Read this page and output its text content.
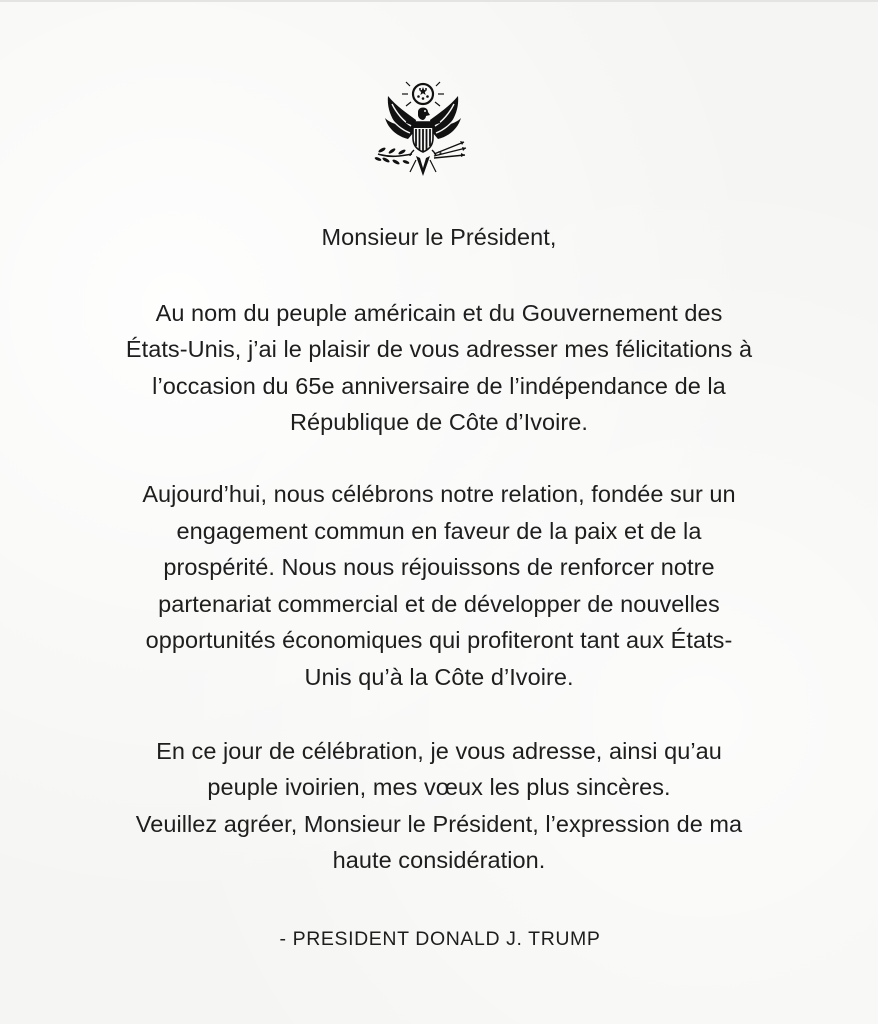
Monsieur le Président,

Au nom du peuple américain et du Gouvernement des
États-Unis, j’ai le plaisir de vous adresser mes félicitations à
l’occasion du 65e anniversaire de l’indépendance de la
République de Côte d’Ivoire.

Aujourd’hui, nous célébrons notre relation, fondée sur un
engagement commun en faveur de la paix et de la
prospérité. Nous nous réjouissons de renforcer notre
partenariat commercial et de développer de nouvelles
opportunités économiques qui profiteront tant aux États-
Unis qu’à la Côte d’Ivoire.

En ce jour de célébration, je vous adresse, ainsi qu’au
peuple ivoirien, mes vœux les plus sincères.
Veuillez agréer, Monsieur le Président, l’expression de ma
haute considération.

- PRESIDENT DONALD J. TRUMP
